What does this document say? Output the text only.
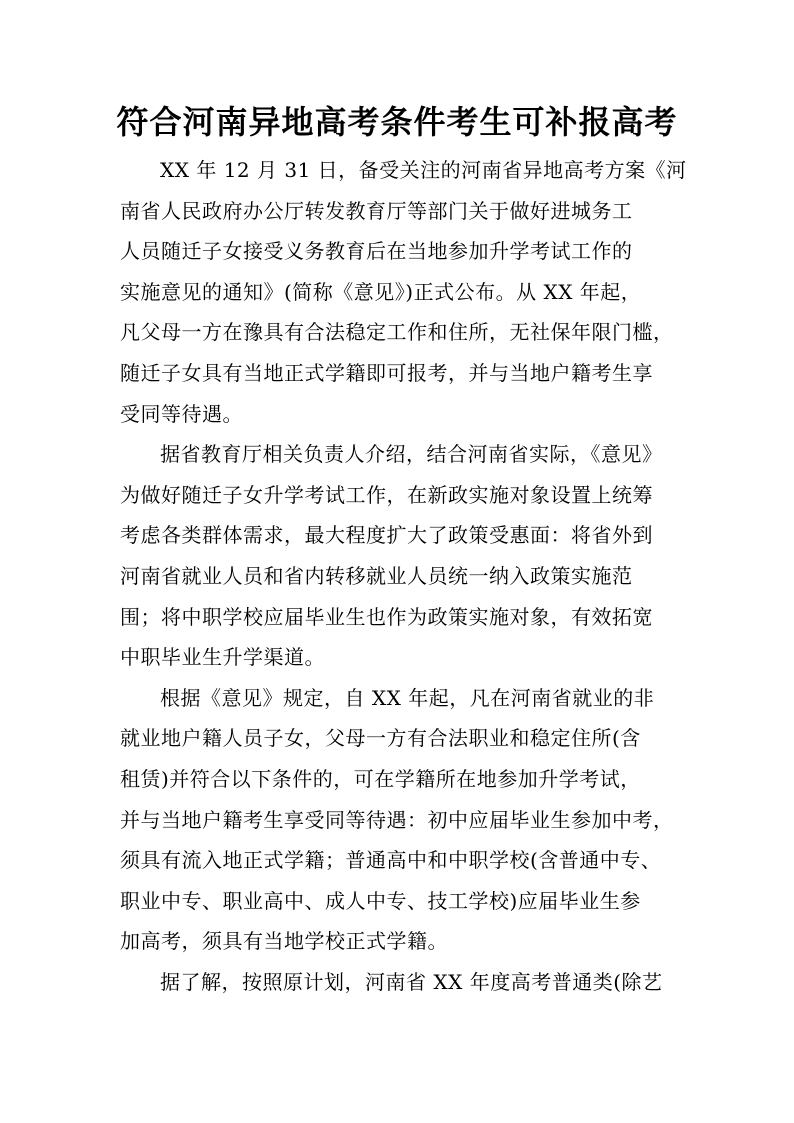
符合河南异地高考条件考生可补报高考
XX 年 12 月 31 日，备受关注的河南省异地高考方案《河
南省人民政府办公厅转发教育厅等部门关于做好进城务工
人员随迁子女接受义务教育后在当地参加升学考试工作的
实施意见的通知》(简称《意见》)正式公布。从 XX 年起，
凡父母一方在豫具有合法稳定工作和住所，无社保年限门槛，
随迁子女具有当地正式学籍即可报考，并与当地户籍考生享
受同等待遇。
据省教育厅相关负责人介绍，结合河南省实际，《意见》
为做好随迁子女升学考试工作，在新政实施对象设置上统筹
考虑各类群体需求，最大程度扩大了政策受惠面：将省外到
河南省就业人员和省内转移就业人员统一纳入政策实施范
围；将中职学校应届毕业生也作为政策实施对象，有效拓宽
中职毕业生升学渠道。
根据《意见》规定，自 XX 年起，凡在河南省就业的非
就业地户籍人员子女，父母一方有合法职业和稳定住所(含
租赁)并符合以下条件的，可在学籍所在地参加升学考试，
并与当地户籍考生享受同等待遇：初中应届毕业生参加中考，
须具有流入地正式学籍；普通高中和中职学校(含普通中专、
职业中专、职业高中、成人中专、技工学校)应届毕业生参
加高考，须具有当地学校正式学籍。
据了解，按照原计划，河南省 XX 年度高考普通类(除艺
